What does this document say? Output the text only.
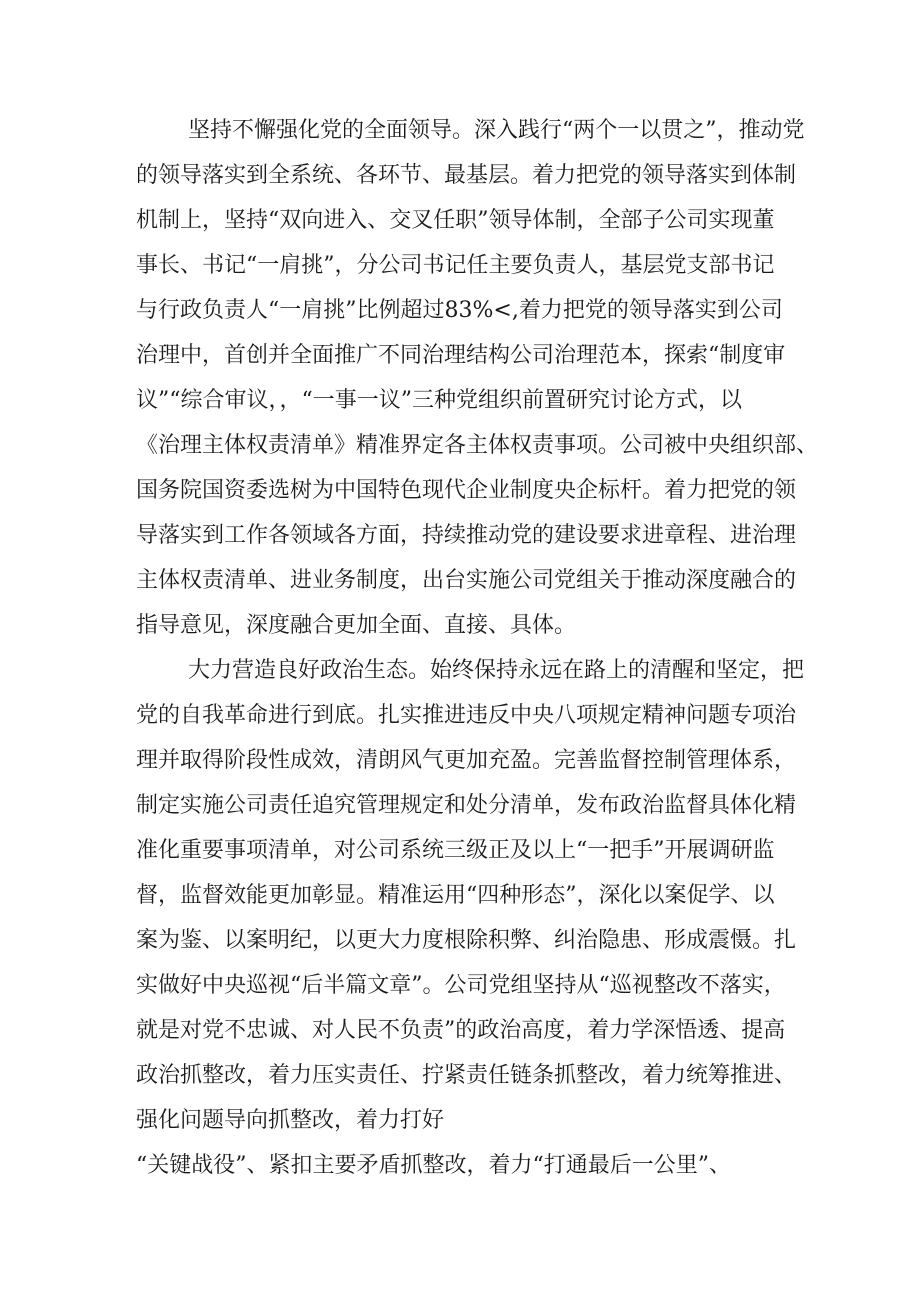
坚持不懈强化党的全面领导。深入践行“两个一以贯之”，推动党
的领导落实到全系统、各环节、最基层。着力把党的领导落实到体制
机制上，坚持“双向进入、交叉任职”领导体制，全部子公司实现董
事长、书记“一肩挑”，分公司书记任主要负责人，基层党支部书记
与行政负责人“一肩挑”比例超过83%<,着力把党的领导落实到公司
治理中，首创并全面推广不同治理结构公司治理范本，探索“制度审
议”“综合审议，，“一事一议”三种党组织前置研究讨论方式，以
《治理主体权责清单》精准界定各主体权责事项。公司被中央组织部、
国务院国资委选树为中国特色现代企业制度央企标杆。着力把党的领
导落实到工作各领域各方面，持续推动党的建设要求进章程、进治理
主体权责清单、进业务制度，出台实施公司党组关于推动深度融合的
指导意见，深度融合更加全面、直接、具体。
大力营造良好政治生态。始终保持永远在路上的清醒和坚定，把
党的自我革命进行到底。扎实推进违反中央八项规定精神问题专项治
理并取得阶段性成效，清朗风气更加充盈。完善监督控制管理体系，
制定实施公司责任追究管理规定和处分清单，发布政治监督具体化精
准化重要事项清单，对公司系统三级正及以上“一把手”开展调研监
督，监督效能更加彰显。精准运用“四种形态”，深化以案促学、以
案为鉴、以案明纪，以更大力度根除积弊、纠治隐患、形成震慑。扎
实做好中央巡视“后半篇文章”。公司党组坚持从“巡视整改不落实，
就是对党不忠诚、对人民不负责”的政治高度，着力学深悟透、提高
政治抓整改，着力压实责任、拧紧责任链条抓整改，着力统筹推进、
强化问题导向抓整改，着力打好
“关键战役”、紧扣主要矛盾抓整改，着力“打通最后一公里”、
